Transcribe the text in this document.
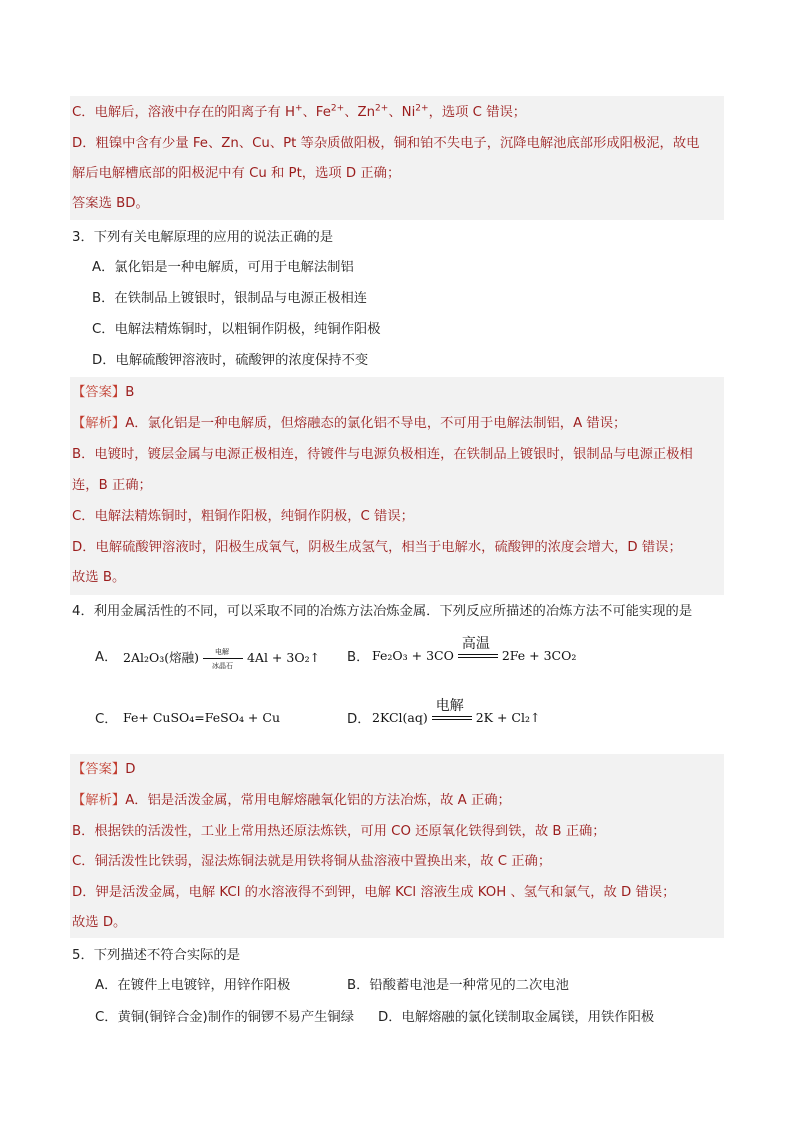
C．电解后，溶液中存在的阳离子有 H+、$Fe^{2+}$、$Zn^{2+}$、$Ni^{2+}$，选项 C 错误；
D．粗镍中含有少量 Fe、Zn、Cu、Pt 等杂质做阳极，铜和铂不失电子，沉降电解池底部形成阳极泥，故电
解后电解槽底部的阳极泥中有 Cu 和 Pt，选项 D 正确；
答案选 BD。
3．下列有关电解原理的应用的说法正确的是
A．氯化铝是一种电解质，可用于电解法制铝
B．在铁制品上镀银时，银制品与电源正极相连
C．电解法精炼铜时，以粗铜作阴极，纯铜作阳极
D．电解硫酸钾溶液时，硫酸钾的浓度保持不变
【答案】B
【解析】A．氯化铝是一种电解质，但熔融态的氯化铝不导电，不可用于电解法制铝，A 错误；
B．电镀时，镀层金属与电源正极相连，待镀件与电源负极相连，在铁制品上镀银时，银制品与电源正极相
连，B 正确；
C．电解法精炼铜时，粗铜作阳极，纯铜作阴极，C 错误；
D．电解硫酸钾溶液时，阳极生成氧气，阴极生成氢气，相当于电解水，硫酸钾的浓度会增大，D 错误；
故选 B。
4．利用金属活性的不同，可以采取不同的冶炼方法冶炼金属．下列反应所描述的冶炼方法不可能实现的是
A． 2Al₂O₃(熔融) 电解
冰晶石
4Al + 3O₂↑ B． Fe₂O₃ + 3CO
高温
2Fe + 3CO₂
C． Fe+ CuSO₄=FeSO₄ + Cu	D． 2KCl(aq)
电解
2K + Cl₂↑
【答案】D
【解析】A．铝是活泼金属，常用电解熔融氧化铝的方法冶炼，故 A 正确；
B．根据铁的活泼性，工业上常用热还原法炼铁，可用 CO 还原氧化铁得到铁，故 B 正确；
C．铜活泼性比铁弱，湿法炼铜法就是用铁将铜从盐溶液中置换出来，故 C 正确；
D．钾是活泼金属，电解 KCl 的水溶液得不到钾，电解 KCl 溶液生成 KOH 、氢气和氯气，故 D 错误；
故选 D。
5．下列描述不符合实际的是
A．在镀件上电镀锌，用锌作阳极	B．铅酸蓄电池是一种常见的二次电池
C．黄铜(铜锌合金)制作的铜锣不易产生铜绿 D．电解熔融的氯化镁制取金属镁，用铁作阳极
